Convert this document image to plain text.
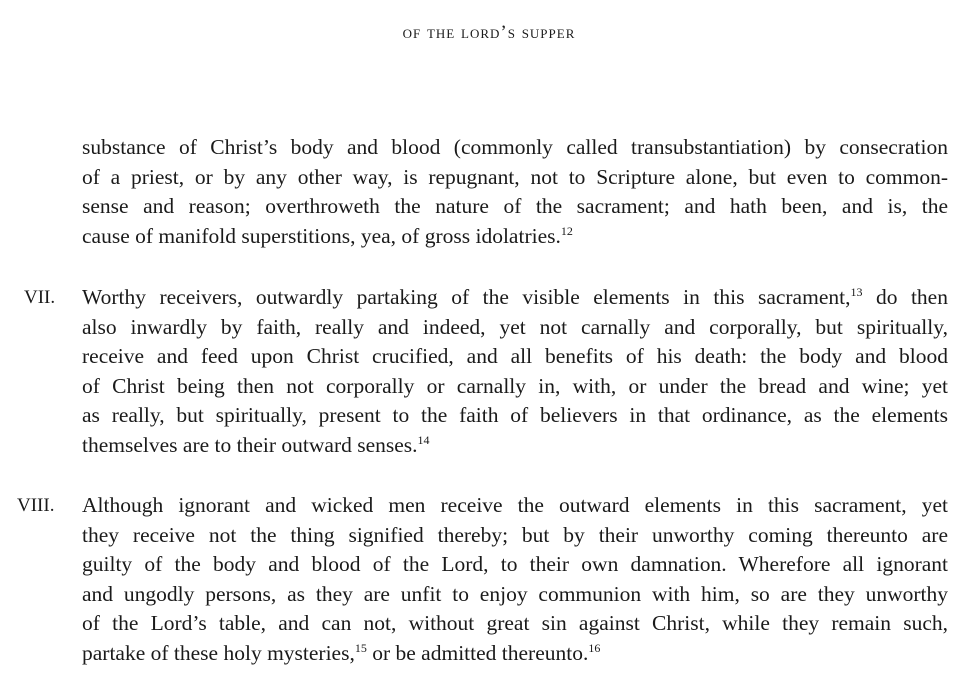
of the lord’s supper
substance of Christ’s body and blood (commonly called transubstantiation) by consecration
of a priest, or by any other way, is repugnant, not to Scripture alone, but even to common-
sense and reason; overthroweth the nature of the sacrament; and hath been, and is, the
cause of manifold superstitions, yea, of gross idolatries.$^{12}$
VII. Worthy receivers, outwardly partaking of the visible elements in this sacrament,$^{13}$ do then
also inwardly by faith, really and indeed, yet not carnally and corporally, but spiritually,
receive and feed upon Christ crucified, and all benefits of his death: the body and blood
of Christ being then not corporally or carnally in, with, or under the bread and wine; yet
as really, but spiritually, present to the faith of believers in that ordinance, as the elements
themselves are to their outward senses.$^{14}$
VIII. Although ignorant and wicked men receive the outward elements in this sacrament, yet
they receive not the thing signified thereby; but by their unworthy coming thereunto are
guilty of the body and blood of the Lord, to their own damnation. Wherefore all ignorant
and ungodly persons, as they are unfit to enjoy communion with him, so are they unworthy
of the Lord’s table, and can not, without great sin against Christ, while they remain such,
partake of these holy mysteries,$^{15}$ or be admitted thereunto.$^{16}$
